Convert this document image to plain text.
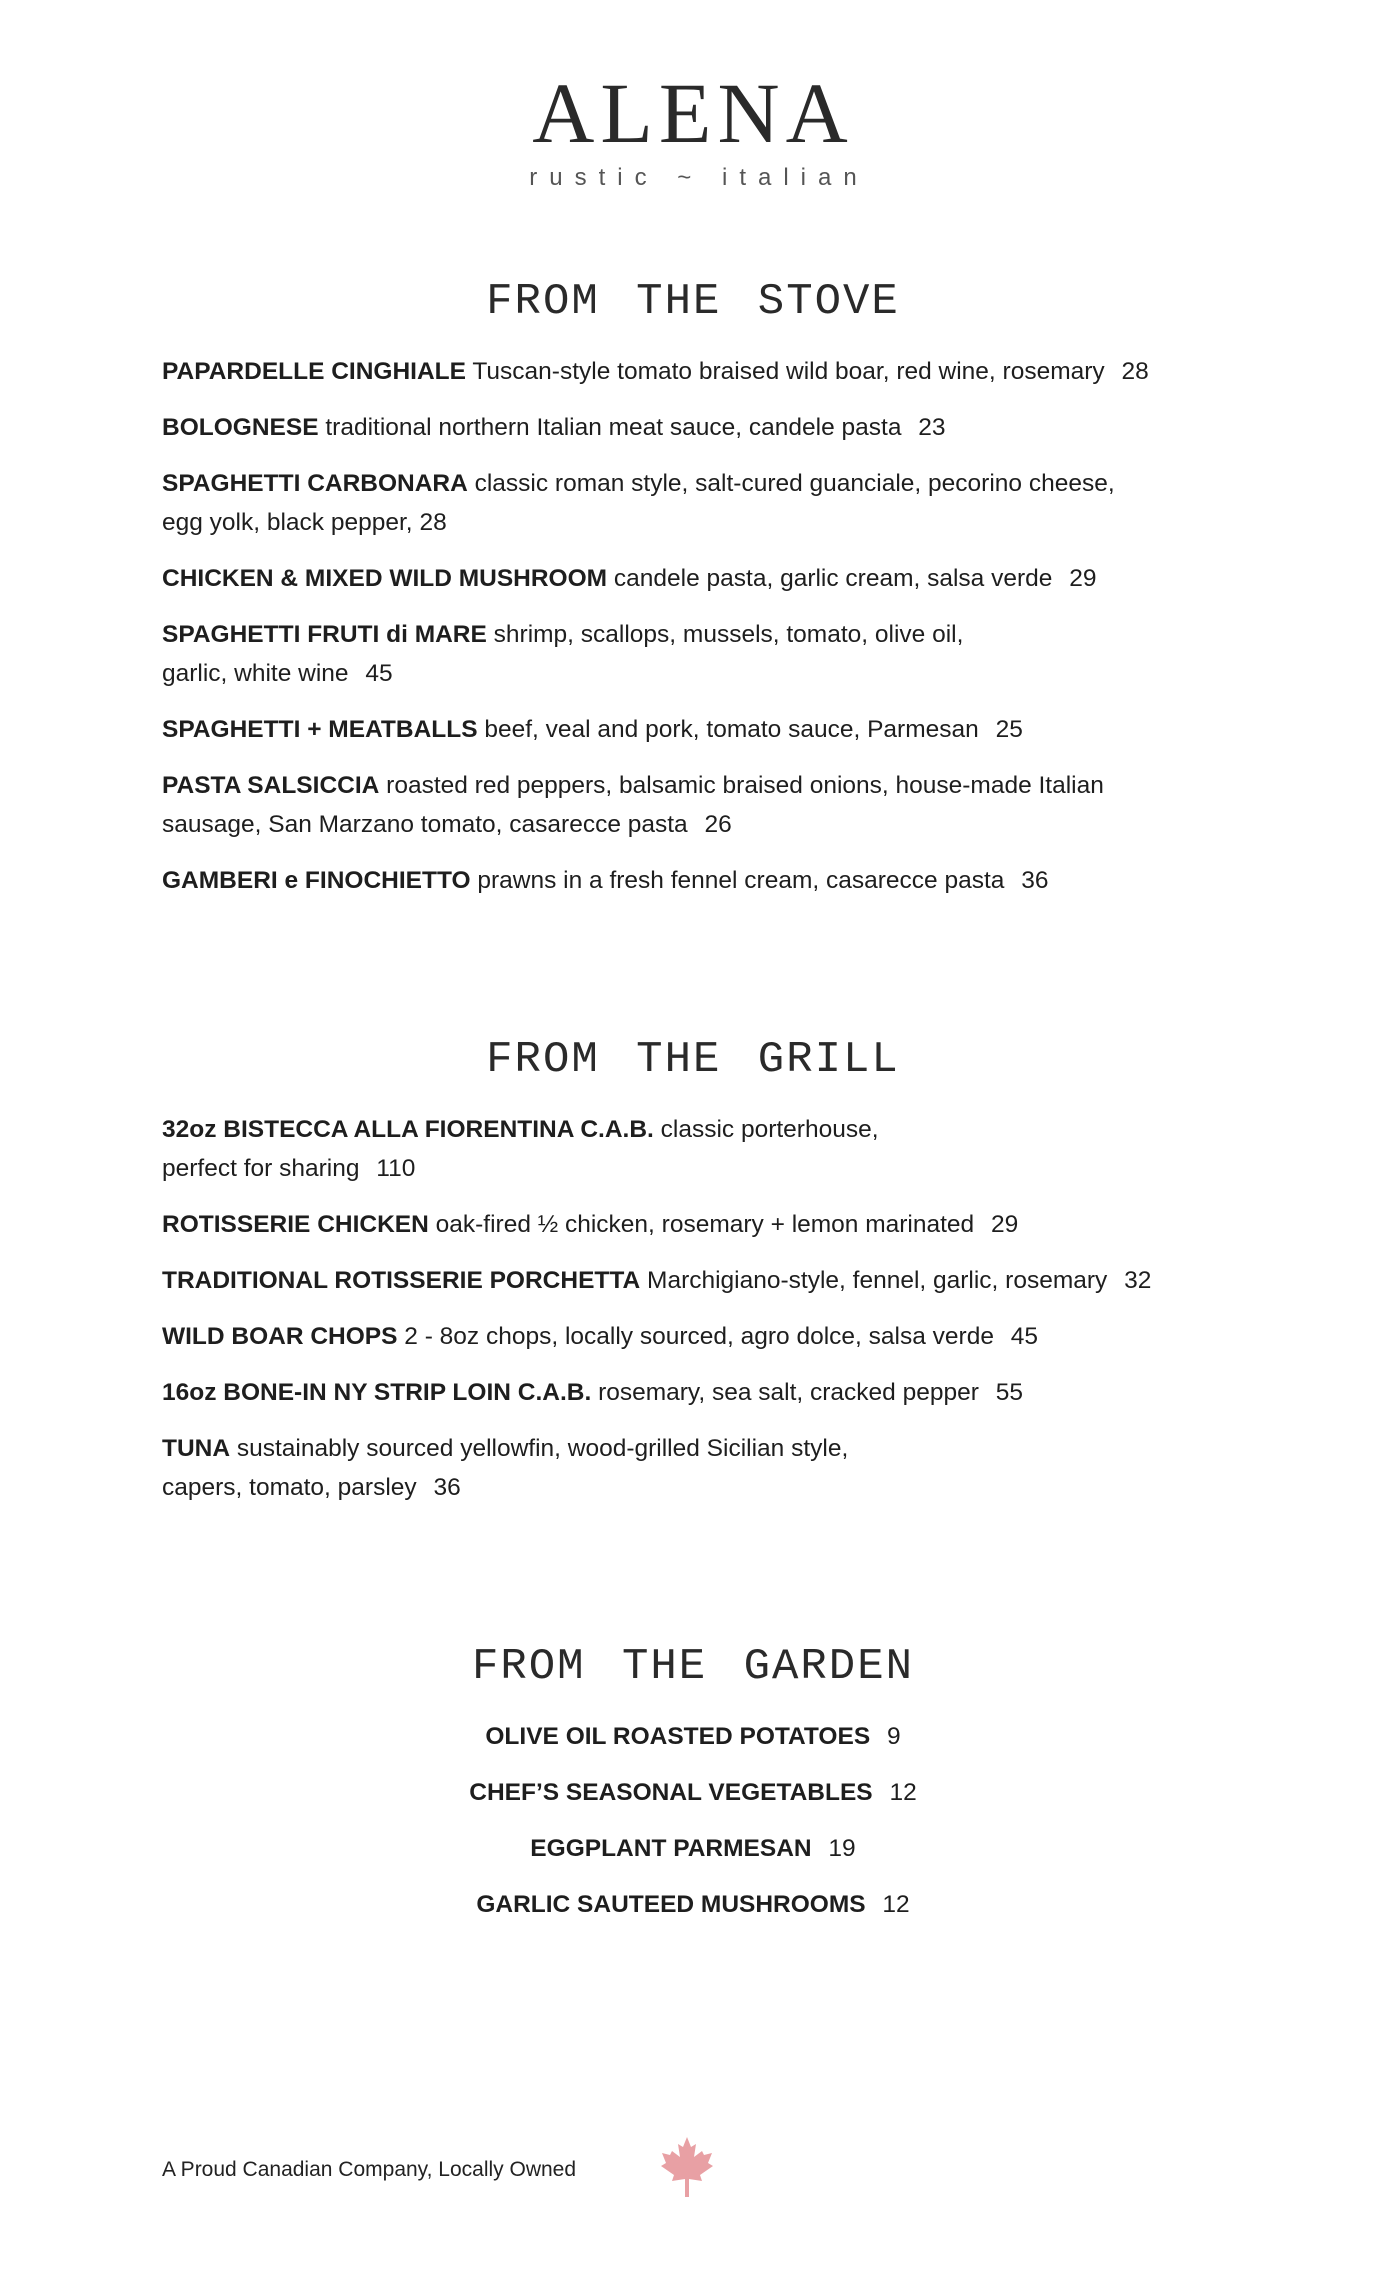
ALENA
rustic ~ italian
FROM THE STOVE
PAPARDELLE CINGHIALE Tuscan-style tomato braised wild boar, red wine, rosemary 28
BOLOGNESE traditional northern Italian meat sauce, candele pasta 23
SPAGHETTI CARBONARA classic roman style, salt-cured guanciale, pecorino cheese, egg yolk, black pepper, 28
CHICKEN & MIXED WILD MUSHROOM candele pasta, garlic cream, salsa verde 29
SPAGHETTI FRUTI di MARE shrimp, scallops, mussels, tomato, olive oil, garlic, white wine 45
SPAGHETTI + MEATBALLS beef, veal and pork, tomato sauce, Parmesan 25
PASTA SALSICCIA roasted red peppers, balsamic braised onions, house-made Italian sausage, San Marzano tomato, casarecce pasta 26
GAMBERI e FINOCHIETTO prawns in a fresh fennel cream, casarecce pasta 36
FROM THE GRILL
32oz BISTECCA ALLA FIORENTINA C.A.B. classic porterhouse, perfect for sharing 110
ROTISSERIE CHICKEN oak-fired ½ chicken, rosemary + lemon marinated 29
TRADITIONAL ROTISSERIE PORCHETTA Marchigiano-style, fennel, garlic, rosemary 32
WILD BOAR CHOPS 2 - 8oz chops, locally sourced, agro dolce, salsa verde 45
16oz BONE-IN NY STRIP LOIN C.A.B. rosemary, sea salt, cracked pepper 55
TUNA sustainably sourced yellowfin, wood-grilled Sicilian style, capers, tomato, parsley 36
FROM THE GARDEN
OLIVE OIL ROASTED POTATOES 9
CHEF’S SEASONAL VEGETABLES 12
EGGPLANT PARMESAN 19
GARLIC SAUTEED MUSHROOMS 12
A Proud Canadian Company, Locally Owned
